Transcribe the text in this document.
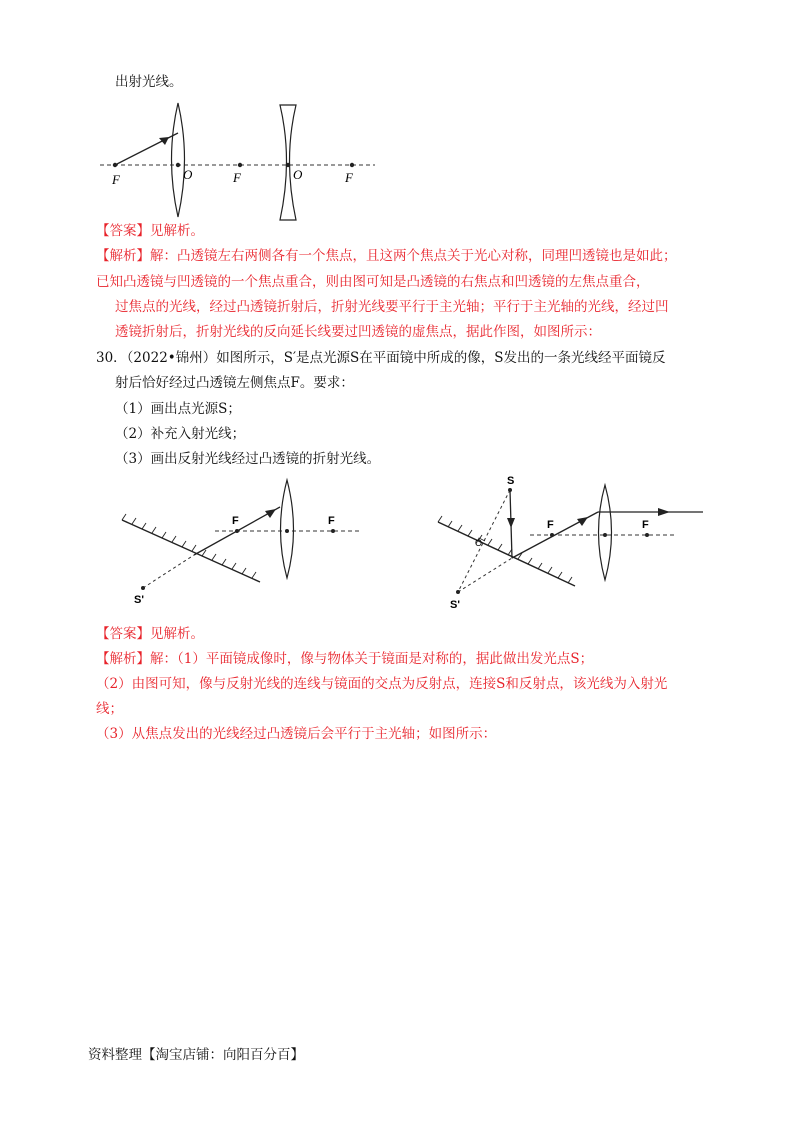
出射光线。
F	O	F	O	F
【答案】见解析。
【解析】解：凸透镜左右两侧各有一个焦点，且这两个焦点关于光心对称，同理凹透镜也是如此；
已知凸透镜与凹透镜的一个焦点重合，则由图可知是凸透镜的右焦点和凹透镜的左焦点重合，
过焦点的光线，经过凸透镜折射后，折射光线要平行于主光轴；平行于主光轴的光线，经过凹
透镜折射后，折射光线的反向延长线要过凹透镜的虚焦点，据此作图，如图所示：
30．（2022•锦州）如图所示，S′是点光源S在平面镜中所成的像，S发出的一条光线经平面镜反
射后恰好经过凸透镜左侧焦点F。要求：
（1）画出点光源S；
（2）补充入射光线；
（3）画出反射光线经过凸透镜的折射光线。
F	F
S'
S
O
F	F
S'
【答案】见解析。
【解析】解：（1）平面镜成像时，像与物体关于镜面是对称的，据此做出发光点S；
（2）由图可知，像与反射光线的连线与镜面的交点为反射点，连接S和反射点，该光线为入射光
线；
（3）从焦点发出的光线经过凸透镜后会平行于主光轴；如图所示：
资料整理【淘宝店铺：向阳百分百】
